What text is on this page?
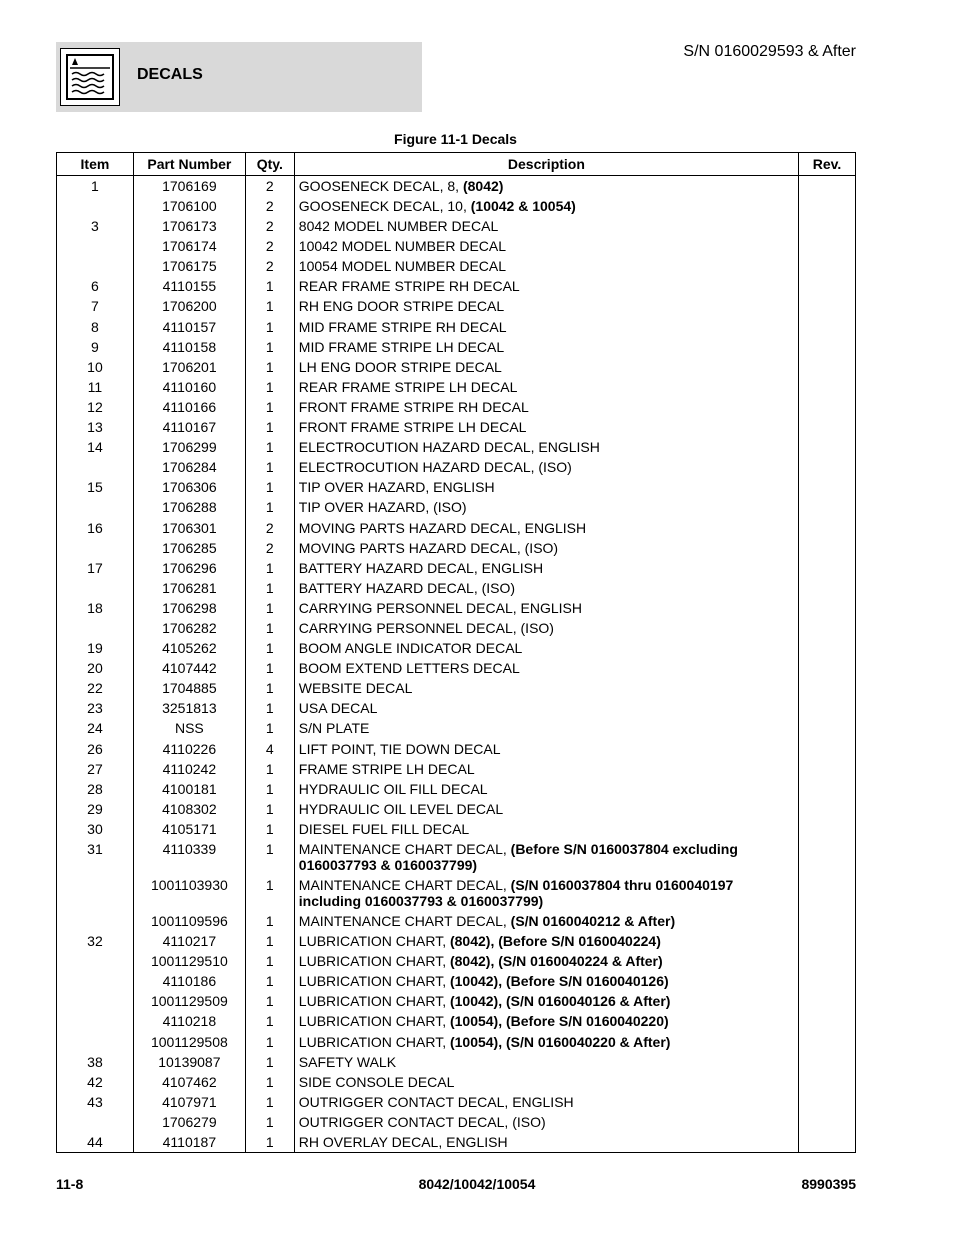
DECALS
S/N 0160029593 & After
Figure 11-1 Decals
Item	Part Number	Qty.	Description	Rev.
1	1706169	2	GOOSENECK DECAL, 8, (8042)	
	1706100	2	GOOSENECK DECAL, 10, (10042 & 10054)	
3	1706173	2	8042 MODEL NUMBER DECAL	
	1706174	2	10042 MODEL NUMBER DECAL	
	1706175	2	10054 MODEL NUMBER DECAL	
6	4110155	1	REAR FRAME STRIPE RH DECAL	
7	1706200	1	RH ENG DOOR STRIPE DECAL	
8	4110157	1	MID FRAME STRIPE RH DECAL	
9	4110158	1	MID FRAME STRIPE LH DECAL	
10	1706201	1	LH ENG DOOR STRIPE DECAL	
11	4110160	1	REAR FRAME STRIPE LH DECAL	
12	4110166	1	FRONT FRAME STRIPE RH DECAL	
13	4110167	1	FRONT FRAME STRIPE LH DECAL	
14	1706299	1	ELECTROCUTION HAZARD DECAL, ENGLISH	
	1706284	1	ELECTROCUTION HAZARD DECAL, (ISO)	
15	1706306	1	TIP OVER HAZARD, ENGLISH	
	1706288	1	TIP OVER HAZARD, (ISO)	
16	1706301	2	MOVING PARTS HAZARD DECAL, ENGLISH	
	1706285	2	MOVING PARTS HAZARD DECAL, (ISO)	
17	1706296	1	BATTERY HAZARD DECAL, ENGLISH	
	1706281	1	BATTERY HAZARD DECAL, (ISO)	
18	1706298	1	CARRYING PERSONNEL DECAL, ENGLISH	
	1706282	1	CARRYING PERSONNEL DECAL, (ISO)	
19	4105262	1	BOOM ANGLE INDICATOR DECAL	
20	4107442	1	BOOM EXTEND LETTERS DECAL	
22	1704885	1	WEBSITE DECAL	
23	3251813	1	USA DECAL	
24	NSS	1	S/N PLATE	
26	4110226	4	LIFT POINT, TIE DOWN DECAL	
27	4110242	1	FRAME STRIPE LH DECAL	
28	4100181	1	HYDRAULIC OIL FILL DECAL	
29	4108302	1	HYDRAULIC OIL LEVEL DECAL	
30	4105171	1	DIESEL FUEL FILL DECAL	
31	4110339	1	MAINTENANCE CHART DECAL, (Before S/N 0160037804 excluding 0160037793 & 0160037799)	
	1001103930	1	MAINTENANCE CHART DECAL, (S/N 0160037804 thru 0160040197 including 0160037793 & 0160037799)	
	1001109596	1	MAINTENANCE CHART DECAL, (S/N 0160040212 & After)	
32	4110217	1	LUBRICATION CHART, (8042), (Before S/N 0160040224)	
	1001129510	1	LUBRICATION CHART, (8042), (S/N 0160040224 & After)	
	4110186	1	LUBRICATION CHART, (10042), (Before S/N 0160040126)	
	1001129509	1	LUBRICATION CHART, (10042), (S/N 0160040126 & After)	
	4110218	1	LUBRICATION CHART, (10054), (Before S/N 0160040220)	
	1001129508	1	LUBRICATION CHART, (10054), (S/N 0160040220 & After)	
38	10139087	1	SAFETY WALK	
42	4107462	1	SIDE CONSOLE DECAL	
43	4107971	1	OUTRIGGER CONTACT DECAL, ENGLISH	
	1706279	1	OUTRIGGER CONTACT DECAL, (ISO)	
44	4110187	1	RH OVERLAY DECAL, ENGLISH	
11-8	8042/10042/10054	8990395
